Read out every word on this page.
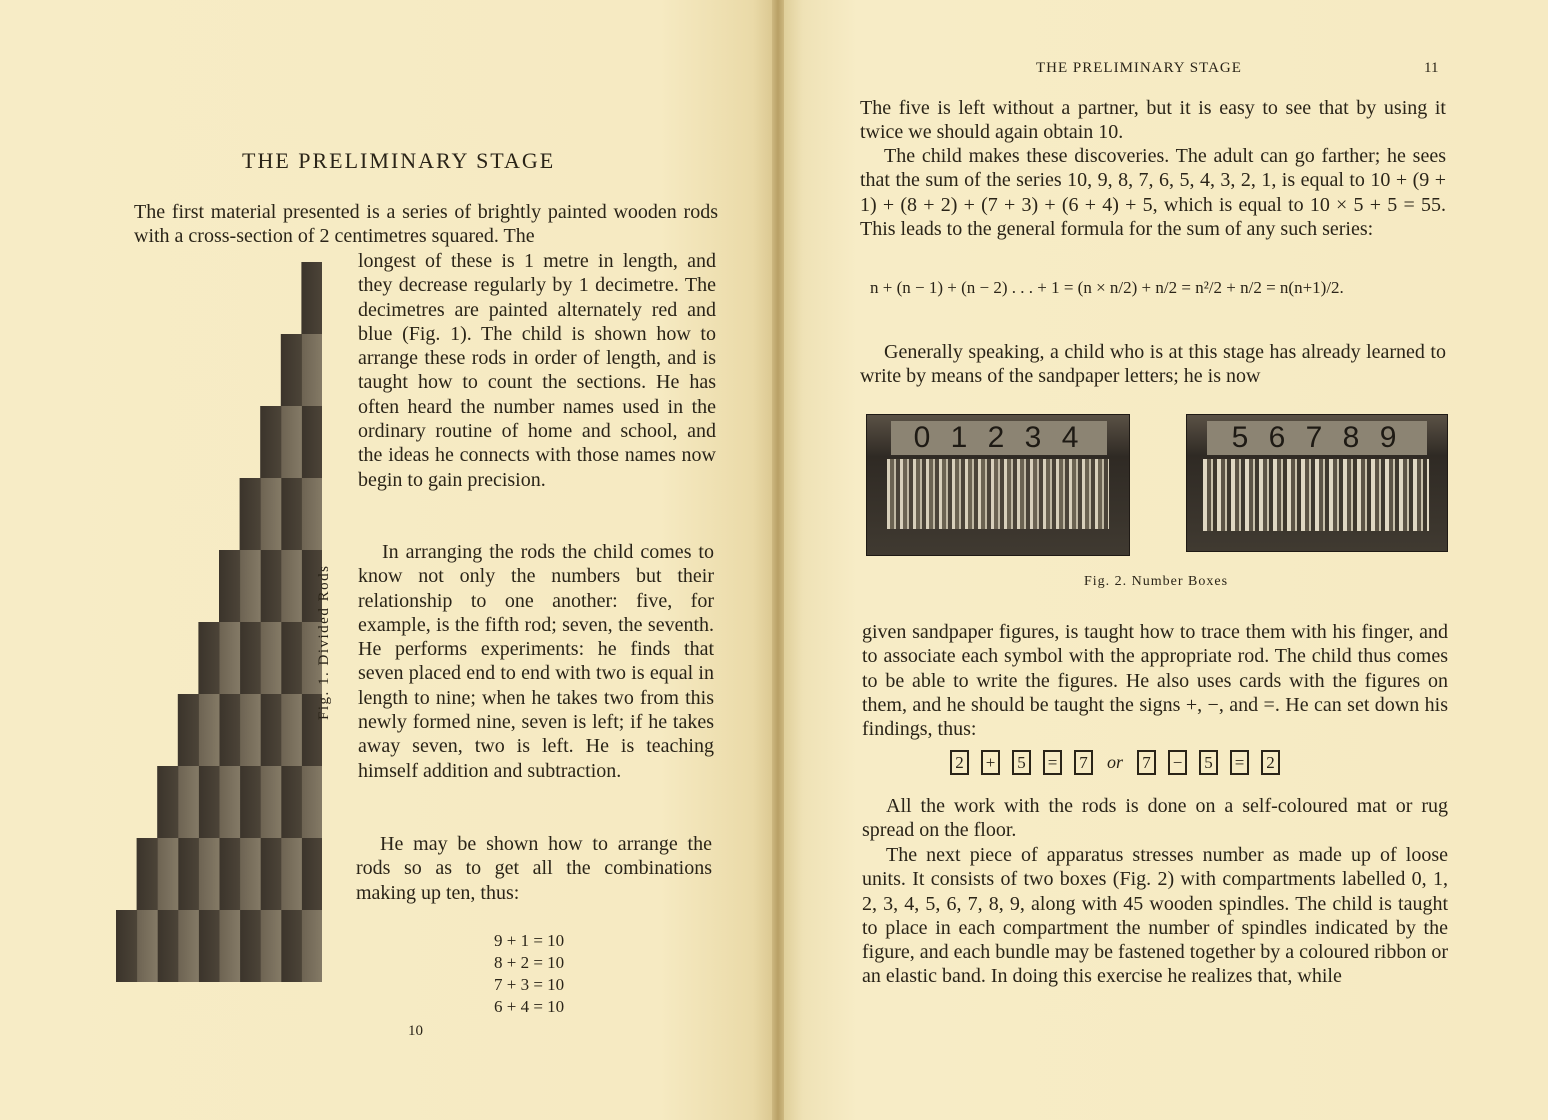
THE PRELIMINARY STAGE

The first material presented is a series of brightly painted wooden rods with a cross-section of 2 centimetres squared. The

Fig. 1. Divided Rods

longest of these is 1 metre in length, and they decrease regularly by 1 decimetre. The decimetres are painted alternately red and blue (Fig. 1). The child is shown how to arrange these rods in order of length, and is taught how to count the sections. He has often heard the number names used in the ordinary routine of home and school, and the ideas he connects with those names now begin to gain precision.

In arranging the rods the child comes to know not only the numbers but their relationship to one another: five, for example, is the fifth rod; seven, the seventh. He performs experiments: he finds that seven placed end to end with two is equal in length to nine; when he takes two from this newly formed nine, seven is left; if he takes away seven, two is left. He is teaching himself addition and subtraction.

He may be shown how to arrange the rods so as to get all the combinations making up ten, thus:

9 + 1 = 10
8 + 2 = 10
7 + 3 = 10
6 + 4 = 10
10
THE PRELIMINARY STAGE	11

The five is left without a partner, but it is easy to see that by using it twice we should again obtain 10.

The child makes these discoveries. The adult can go farther; he sees that the sum of the series 10, 9, 8, 7, 6, 5, 4, 3, 2, 1, is equal to 10 + (9 + 1) + (8 + 2) + (7 + 3) + (6 + 4) + 5, which is equal to 10 × 5 + 5 = 55. This leads to the general formula for the sum of any such series:

n + (n − 1) + (n − 2) . . . + 1 = (n × n/2) + n/2 = n²/2 + n/2 = n(n+1)/2.

Generally speaking, a child who is at this stage has already learned to write by means of the sandpaper letters; he is now

0 1 2 3 4	5 6 7 8 9
Fig. 2. Number Boxes

given sandpaper figures, is taught how to trace them with his finger, and to associate each symbol with the appropriate rod. The child thus comes to be able to write the figures. He also uses cards with the figures on them, and he should be taught the signs +, −, and =. He can set down his findings, thus:

2	+	5	=	7 or	7	−	5	=	2

All the work with the rods is done on a self-coloured mat or rug spread on the floor.

The next piece of apparatus stresses number as made up of loose units. It consists of two boxes (Fig. 2) with compartments labelled 0, 1, 2, 3, 4, 5, 6, 7, 8, 9, along with 45 wooden spindles. The child is taught to place in each compartment the number of spindles indicated by the figure, and each bundle may be fastened together by a coloured ribbon or an elastic band. In doing this exercise he realizes that, while
